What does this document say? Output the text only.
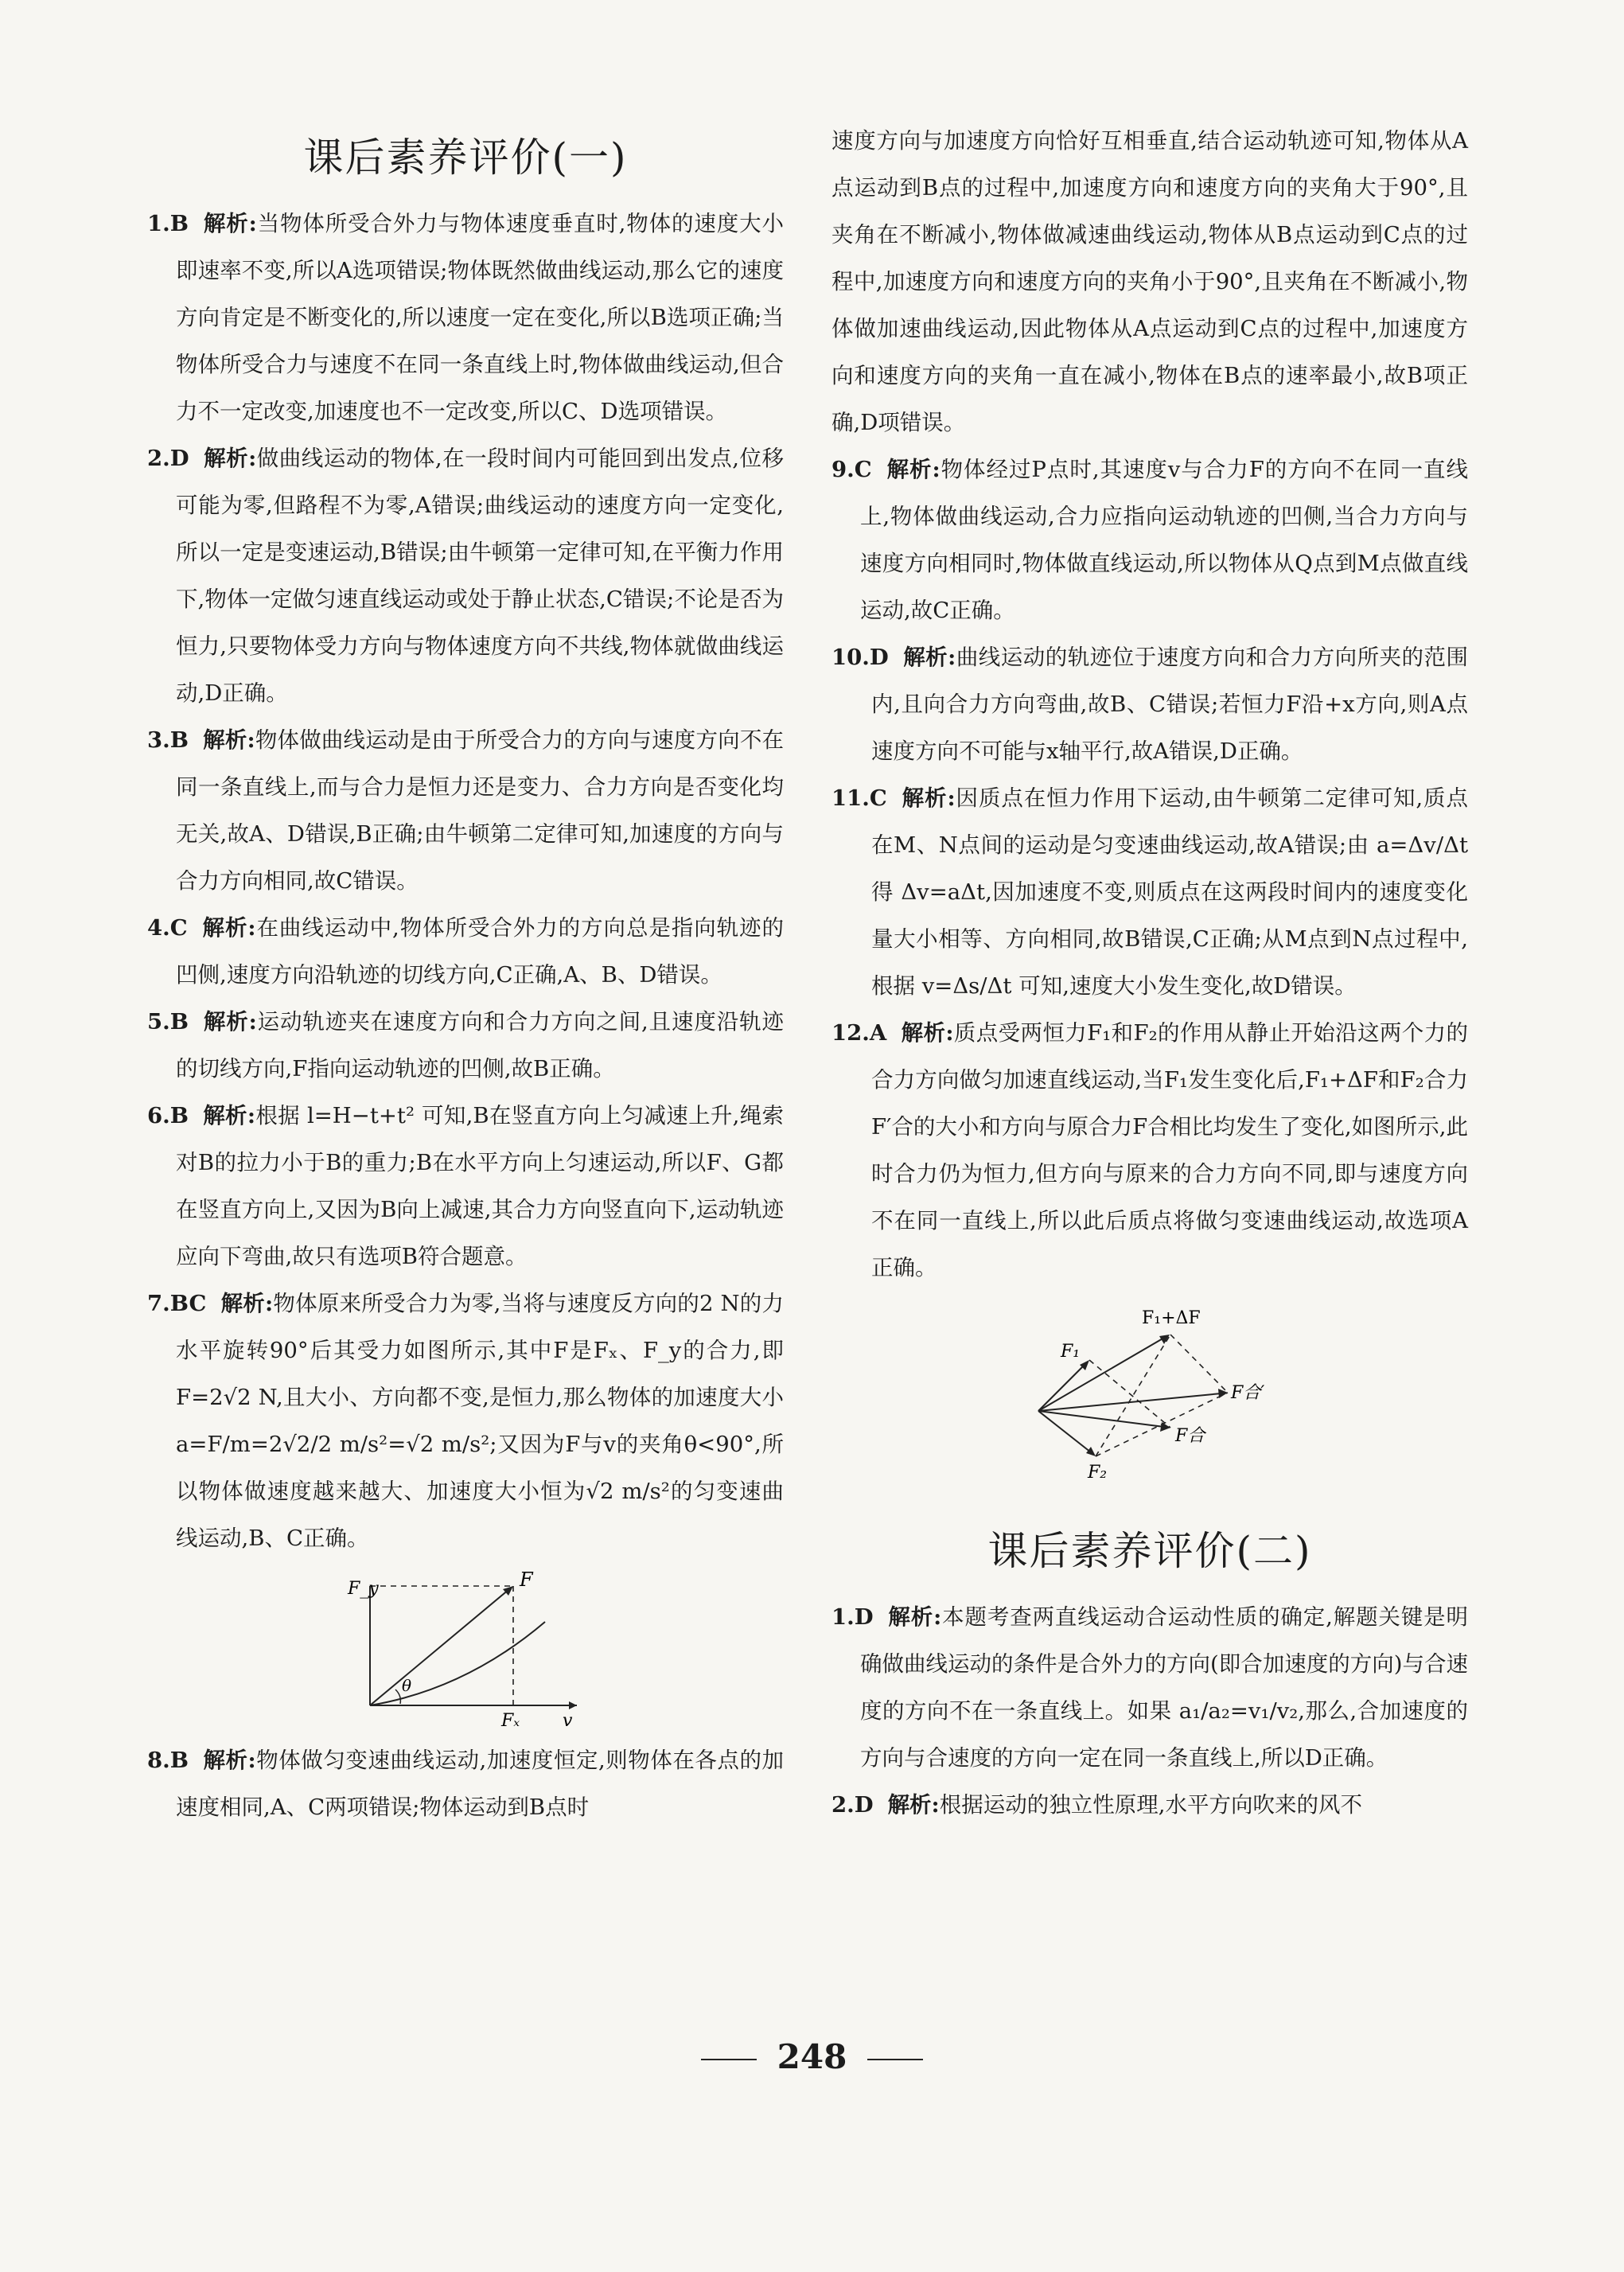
课后素养评价(一)

1.B 解析:当物体所受合外力与物体速度垂直时,物体的速度大小即速率不变,所以A选项错误;物体既然做曲线运动,那么它的速度方向肯定是不断变化的,所以速度一定在变化,所以B选项正确;当物体所受合力与速度不在同一条直线上时,物体做曲线运动,但合力不一定改变,加速度也不一定改变,所以C、D选项错误。

2.D 解析:做曲线运动的物体,在一段时间内可能回到出发点,位移可能为零,但路程不为零,A错误;曲线运动的速度方向一定变化,所以一定是变速运动,B错误;由牛顿第一定律可知,在平衡力作用下,物体一定做匀速直线运动或处于静止状态,C错误;不论是否为恒力,只要物体受力方向与物体速度方向不共线,物体就做曲线运动,D正确。

3.B 解析:物体做曲线运动是由于所受合力的方向与速度方向不在同一条直线上,而与合力是恒力还是变力、合力方向是否变化均无关,故A、D错误,B正确;由牛顿第二定律可知,加速度的方向与合力方向相同,故C错误。

4.C 解析:在曲线运动中,物体所受合外力的方向总是指向轨迹的凹侧,速度方向沿轨迹的切线方向,C正确,A、B、D错误。

5.B 解析:运动轨迹夹在速度方向和合力方向之间,且速度沿轨迹的切线方向,F指向运动轨迹的凹侧,故B正确。

6.B 解析:根据 l=H−t+t² 可知,B在竖直方向上匀减速上升,绳索对B的拉力小于B的重力;B在水平方向上匀速运动,所以F、G都在竖直方向上,又因为B向上减速,其合力方向竖直向下,运动轨迹应向下弯曲,故只有选项B符合题意。

7.BC 解析:物体原来所受合力为零,当将与速度反方向的2 N的力水平旋转90°后其受力如图所示,其中F是Fₓ、F_y的合力,即F=2√2 N,且大小、方向都不变,是恒力,那么物体的加速度大小 a=F/m=2√2/2 m/s²=√2 m/s²;又因为F与v的夹角θ<90°,所以物体做速度越来越大、加速度大小恒为√2 m/s²的匀变速曲线运动,B、C正确。

F_y	F
θ
Fₓ v

8.B 解析:物体做匀变速曲线运动,加速度恒定,则物体在各点的加速度相同,A、C两项错误;物体运动到B点时

速度方向与加速度方向恰好互相垂直,结合运动轨迹可知,物体从A点运动到B点的过程中,加速度方向和速度方向的夹角大于90°,且夹角在不断减小,物体做减速曲线运动,物体从B点运动到C点的过程中,加速度方向和速度方向的夹角小于90°,且夹角在不断减小,物体做加速曲线运动,因此物体从A点运动到C点的过程中,加速度方向和速度方向的夹角一直在减小,物体在B点的速率最小,故B项正确,D项错误。

9.C 解析:物体经过P点时,其速度v与合力F的方向不在同一直线上,物体做曲线运动,合力应指向运动轨迹的凹侧,当合力方向与速度方向相同时,物体做直线运动,所以物体从Q点到M点做直线运动,故C正确。

10.D 解析:曲线运动的轨迹位于速度方向和合力方向所夹的范围内,且向合力方向弯曲,故B、C错误;若恒力F沿+x方向,则A点速度方向不可能与x轴平行,故A错误,D正确。

11.C 解析:因质点在恒力作用下运动,由牛顿第二定律可知,质点在M、N点间的运动是匀变速曲线运动,故A错误;由 a=Δv/Δt 得 Δv=aΔt,因加速度不变,则质点在这两段时间内的速度变化量大小相等、方向相同,故B错误,C正确;从M点到N点过程中,根据 v=Δs/Δt 可知,速度大小发生变化,故D错误。

12.A 解析:质点受两恒力F₁和F₂的作用从静止开始沿这两个力的合力方向做匀加速直线运动,当F₁发生变化后,F₁+ΔF和F₂合力F′合的大小和方向与原合力F合相比均发生了变化,如图所示,此时合力仍为恒力,但方向与原来的合力方向不同,即与速度方向不在同一直线上,所以此后质点将做匀变速曲线运动,故选项A正确。

F₁+ΔF
F₁
F合′
F合
F₂
课后素养评价(二)

1.D 解析:本题考查两直线运动合运动性质的确定,解题关键是明确做曲线运动的条件是合外力的方向(即合加速度的方向)与合速度的方向不在一条直线上。如果 a₁/a₂=v₁/v₂,那么,合加速度的方向与合速度的方向一定在同一条直线上,所以D正确。

2.D 解析:根据运动的独立性原理,水平方向吹来的风不

248
